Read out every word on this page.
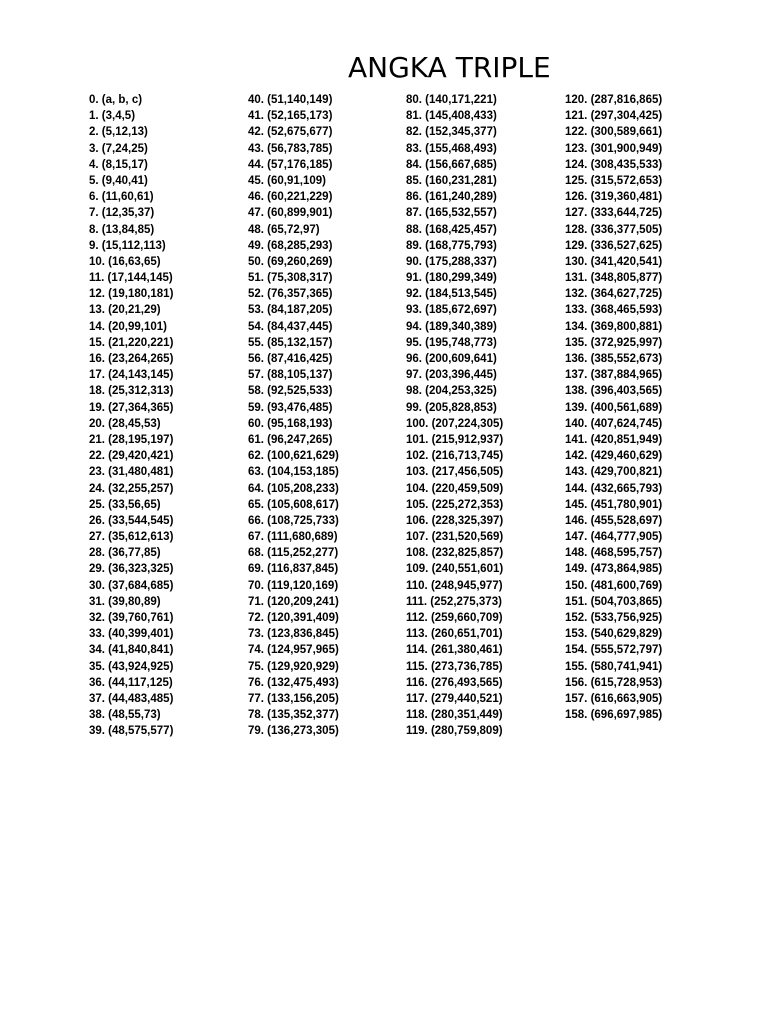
ANGKA TRIPLE
0. (a, b, c)
1. (3,4,5)
2. (5,12,13)
3. (7,24,25)
4. (8,15,17)
5. (9,40,41)
6. (11,60,61)
7. (12,35,37)
8. (13,84,85)
9. (15,112,113)
10. (16,63,65)
11. (17,144,145)
12. (19,180,181)
13. (20,21,29)
14. (20,99,101)
15. (21,220,221)
16. (23,264,265)
17. (24,143,145)
18. (25,312,313)
19. (27,364,365)
20. (28,45,53)
21. (28,195,197)
22. (29,420,421)
23. (31,480,481)
24. (32,255,257)
25. (33,56,65)
26. (33,544,545)
27. (35,612,613)
28. (36,77,85)
29. (36,323,325)
30. (37,684,685)
31. (39,80,89)
32. (39,760,761)
33. (40,399,401)
34. (41,840,841)
35. (43,924,925)
36. (44,117,125)
37. (44,483,485)
38. (48,55,73)
39. (48,575,577)
40. (51,140,149)
41. (52,165,173)
42. (52,675,677)
43. (56,783,785)
44. (57,176,185)
45. (60,91,109)
46. (60,221,229)
47. (60,899,901)
48. (65,72,97)
49. (68,285,293)
50. (69,260,269)
51. (75,308,317)
52. (76,357,365)
53. (84,187,205)
54. (84,437,445)
55. (85,132,157)
56. (87,416,425)
57. (88,105,137)
58. (92,525,533)
59. (93,476,485)
60. (95,168,193)
61. (96,247,265)
62. (100,621,629)
63. (104,153,185)
64. (105,208,233)
65. (105,608,617)
66. (108,725,733)
67. (111,680,689)
68. (115,252,277)
69. (116,837,845)
70. (119,120,169)
71. (120,209,241)
72. (120,391,409)
73. (123,836,845)
74. (124,957,965)
75. (129,920,929)
76. (132,475,493)
77. (133,156,205)
78. (135,352,377)
79. (136,273,305)
80. (140,171,221)
81. (145,408,433)
82. (152,345,377)
83. (155,468,493)
84. (156,667,685)
85. (160,231,281)
86. (161,240,289)
87. (165,532,557)
88. (168,425,457)
89. (168,775,793)
90. (175,288,337)
91. (180,299,349)
92. (184,513,545)
93. (185,672,697)
94. (189,340,389)
95. (195,748,773)
96. (200,609,641)
97. (203,396,445)
98. (204,253,325)
99. (205,828,853)
100. (207,224,305)
101. (215,912,937)
102. (216,713,745)
103. (217,456,505)
104. (220,459,509)
105. (225,272,353)
106. (228,325,397)
107. (231,520,569)
108. (232,825,857)
109. (240,551,601)
110. (248,945,977)
111. (252,275,373)
112. (259,660,709)
113. (260,651,701)
114. (261,380,461)
115. (273,736,785)
116. (276,493,565)
117. (279,440,521)
118. (280,351,449)
119. (280,759,809)
120. (287,816,865)
121. (297,304,425)
122. (300,589,661)
123. (301,900,949)
124. (308,435,533)
125. (315,572,653)
126. (319,360,481)
127. (333,644,725)
128. (336,377,505)
129. (336,527,625)
130. (341,420,541)
131. (348,805,877)
132. (364,627,725)
133. (368,465,593)
134. (369,800,881)
135. (372,925,997)
136. (385,552,673)
137. (387,884,965)
138. (396,403,565)
139. (400,561,689)
140. (407,624,745)
141. (420,851,949)
142. (429,460,629)
143. (429,700,821)
144. (432,665,793)
145. (451,780,901)
146. (455,528,697)
147. (464,777,905)
148. (468,595,757)
149. (473,864,985)
150. (481,600,769)
151. (504,703,865)
152. (533,756,925)
153. (540,629,829)
154. (555,572,797)
155. (580,741,941)
156. (615,728,953)
157. (616,663,905)
158. (696,697,985)
